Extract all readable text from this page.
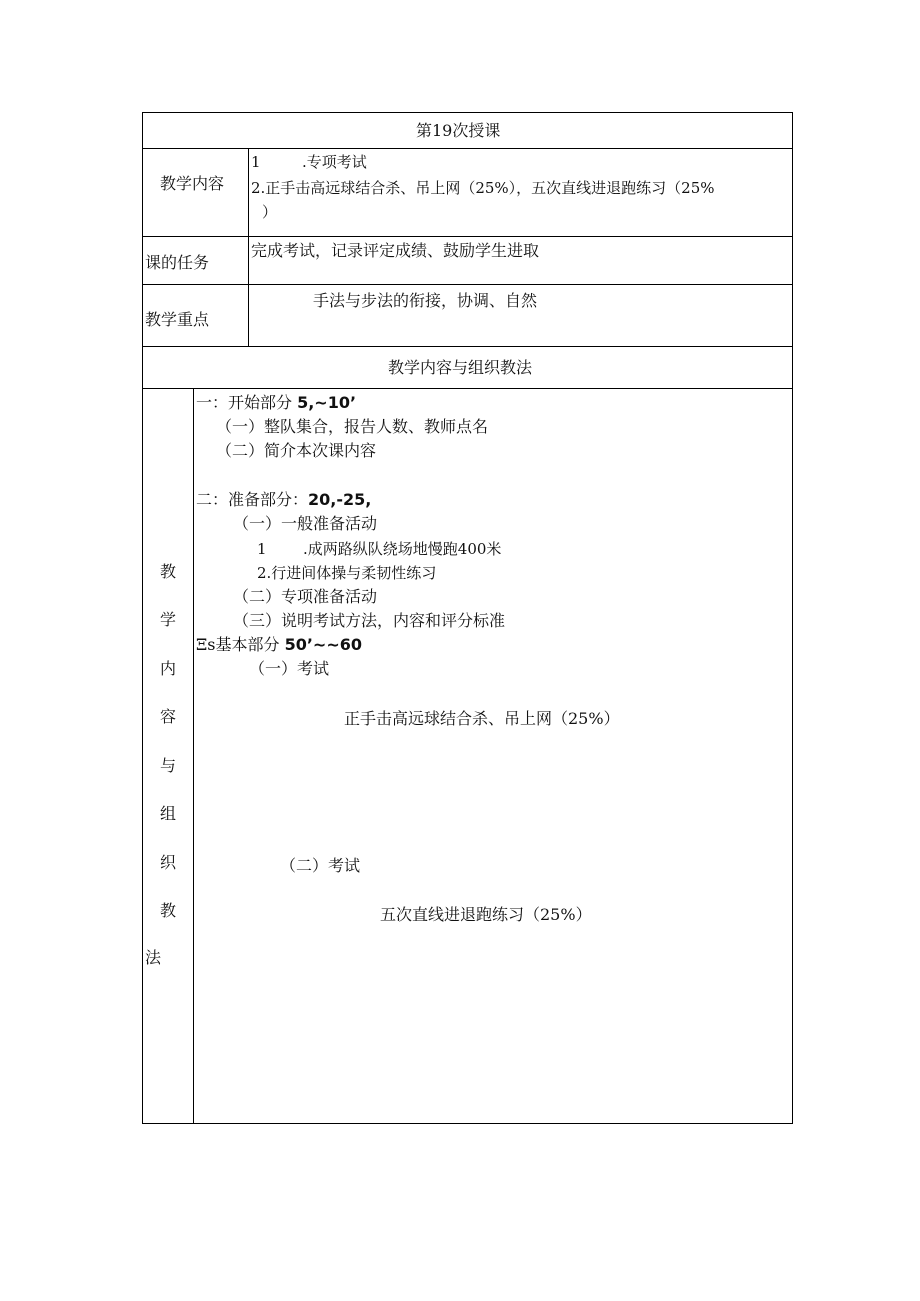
第19次授课
教学内容
1	.专项考试
2.正手击高远球结合杀、吊上网（25%），五次直线进退跑练习（25%
）
课的任务
完成考试，记录评定成绩、鼓励学生进取
教学重点
手法与步法的衔接，协调、自然
教学内容与组织教法
教
学
内
容
与
组
织
教
法
一：开始部分 5,~10’
（一）整队集合，报告人数、教师点名
（二）简介本次课内容
二：准备部分：20,-25,
（一）一般准备活动
1 .成两路纵队绕场地慢跑400米
2.行进间体操与柔韧性练习
（二）专项准备活动
（三）说明考试方法，内容和评分标准
Ξs基本部分 50’~~60
（一）考试
正手击高远球结合杀、吊上网（25%）
（二）考试
五次直线进退跑练习（25%）
